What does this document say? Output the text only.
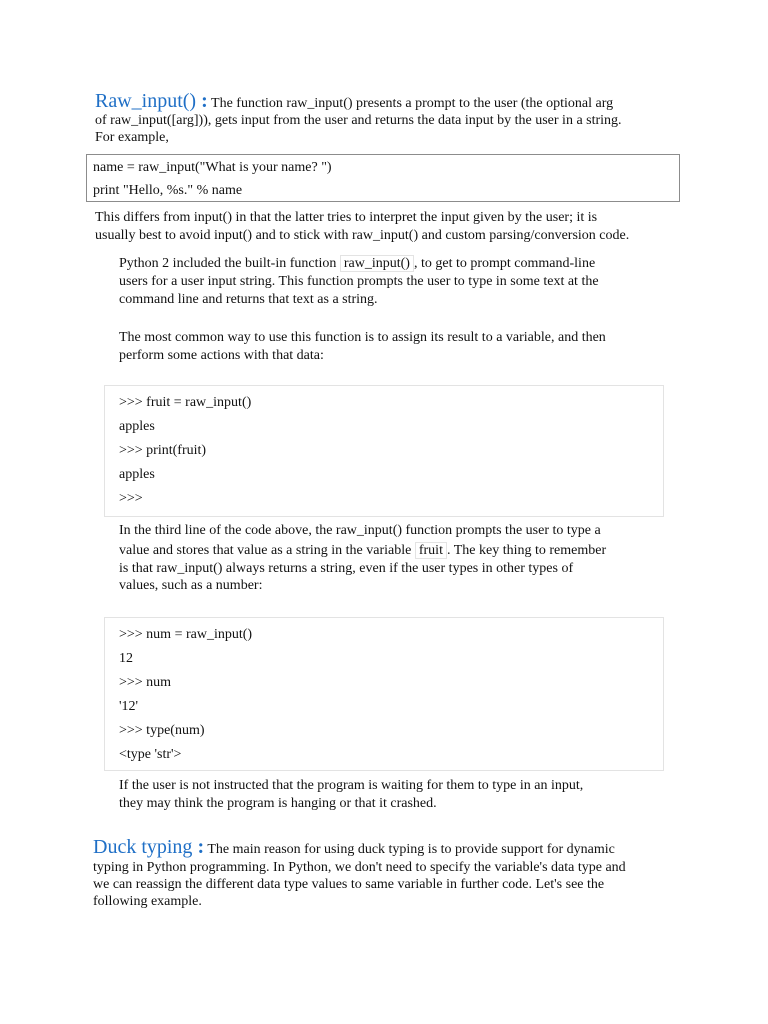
Raw_input() : The function raw_input() presents a prompt to the user (the optional arg
of raw_input([arg])), gets input from the user and returns the data input by the user in a string.
For example,
name = raw_input("What is your name? ")
print "Hello, %s." % name
This differs from input() in that the latter tries to interpret the input given by the user; it is
usually best to avoid input() and to stick with raw_input() and custom parsing/conversion code.
Python 2 included the built-in function raw_input() , to get to prompt command-line
users for a user input string. This function prompts the user to type in some text at the
command line and returns that text as a string.
The most common way to use this function is to assign its result to a variable, and then
perform some actions with that data:
>>> fruit = raw_input()
apples
>>> print(fruit)
apples
>>>
In the third line of the code above, the raw_input() function prompts the user to type a
value and stores that value as a string in the variable fruit . The key thing to remember
is that raw_input() always returns a string, even if the user types in other types of
values, such as a number:
>>> num = raw_input()
12
>>> num
'12'
>>> type(num)
<type 'str'>
If the user is not instructed that the program is waiting for them to type in an input,
they may think the program is hanging or that it crashed.
Duck typing : The main reason for using duck typing is to provide support for dynamic
typing in Python programming. In Python, we don't need to specify the variable's data type and
we can reassign the different data type values to same variable in further code. Let's see the
following example.
